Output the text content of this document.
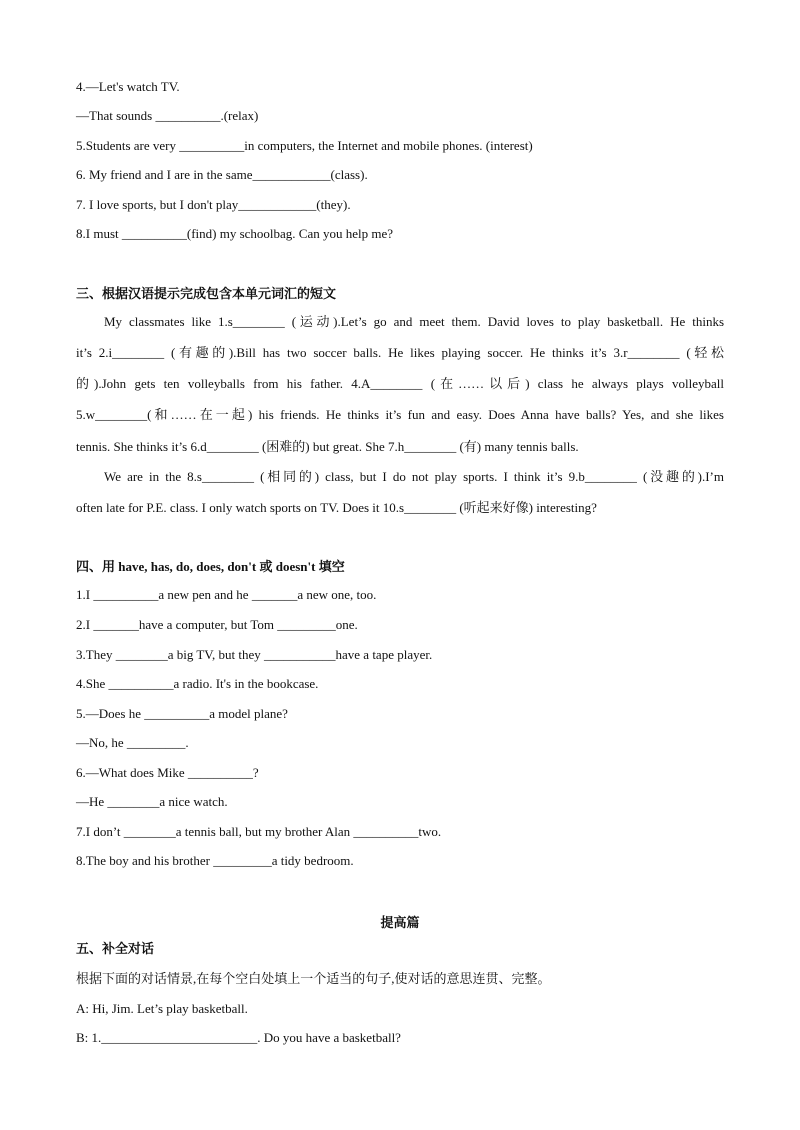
4.—Let's watch TV.
—That sounds __________.(relax)
5.Students are very __________in computers, the Internet and mobile phones. (interest)
6. My friend and I are in the same____________(class).
7. I love sports, but I don't play____________(they).
8.I must __________(find) my schoolbag. Can you help me?
三、根据汉语提示完成包含本单元词汇的短文
My classmates like 1.s________ (运动).Let’s go and meet them. David loves to play basketball. He thinks
it’s 2.i________ (有趣的).Bill has two soccer balls. He likes playing soccer. He thinks it’s 3.r________ (轻松
的).John gets ten volleyballs from his father. 4.A________ (在……以后) class he always plays volleyball
5.w________(和……在一起) his friends. He thinks it’s fun and easy. Does Anna have balls? Yes, and she likes
tennis. She thinks it’s 6.d________ (困难的) but great. She 7.h________ (有) many tennis balls.
We are in the 8.s________ (相同的) class, but I do not play sports. I think it’s 9.b________ (没趣的).I’m
often late for P.E. class. I only watch sports on TV. Does it 10.s________ (听起来好像) interesting?
四、用 have, has, do, does, don't 或 doesn't 填空
1.I __________a new pen and he _______a new one, too.
2.I _______have a computer, but Tom _________one.
3.They ________a big TV, but they ___________have a tape player.
4.She __________a radio. It's in the bookcase.
5.—Does he __________a model plane?
—No, he _________.
6.—What does Mike __________?
—He ________a nice watch.
7.I don’t ________a tennis ball, but my brother Alan __________two.
8.The boy and his brother _________a tidy bedroom.
提高篇
五、补全对话
根据下面的对话情景,在每个空白处填上一个适当的句子,使对话的意思连贯、完整。
A: Hi, Jim. Let’s play basketball.
B: 1.________________________. Do you have a basketball?
